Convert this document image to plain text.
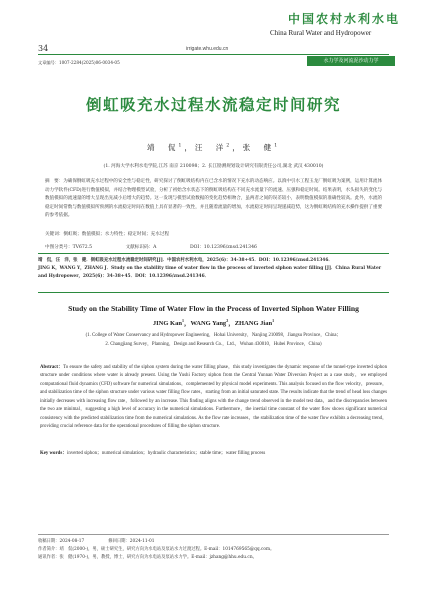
34	irrigate.whu.edu.cn
中国农村水利水电
China Rural Water and Hydropower
文章编号：1007-2284(2025)06-0034-05	水力学及河流泥沙动力学
倒虹吸充水过程水流稳定时间研究
靖　侃$^1$，汪　洋$^2$，张　健$^1$
(1. 河海大学水利水电学院,江苏 南京 210098；2. 长江勘测规划设计研究有限责任公司,湖北 武汉 430010)
摘　要：为确保倒虹吸充水过程中的安全性与稳定性，研究探讨了倒虹吸结构内在已含水的情况下充水的动态响应。以滇中引水工程玉龙厂倒虹吸为案例，运用计算流体动力学软件(CFD)进行数值模拟，并结合物理模型试验，分析了初始含水状态下的倒虹吸结构在不同充水流量下的流速、压强和稳定时间。结果表明，水头损失的变化与数值模拟的流速量的增大呈现出先减小后增大的趋势。这一发现与模型试验数据的变化趋势相吻合，虽两者之间的误差较小，表明数值模拟的准确性较高。此外，水流的稳定时间常数与数值模拟所预测的水流稳定时间在数值上具有显著的一致性，并且随着流量的增加，水流稳定时间呈现递减趋势，这为倒虹吸结构的充水操作提供了重要的参考依据。
关键词：倒虹吸；数值模拟；水力特性；稳定时间；充水过程
中图分类号：TV672.5	文献标识码：A	DOI：10.12396/znsd.241346
靖　侃，汪　洋，张　健．倒虹吸充水过程水流稳定时间研究[J]．中国农村水利水电，2025(6)：34-38+45．DOI：10.12396/znsd.241346．
JING K，WANG Y，ZHANG J．Study on the stability time of water flow in the process of inverted siphon water filling [J]．China Rural Water and Hydropower，2025(6)：34-38+45．DOI：10.12396/znsd.241346．
Study on the Stability Time of Water Flow in the Process of Inverted Siphon Water Filling
JING Kan$^1$，WANG Yang$^2$，ZHANG Jian$^1$
(1. College of Water Conservancy and Hydropower Engineering，Hohai University，Nanjing 210098，Jiangsu Province，China；
2. Changjiang Survey，Planning，Design and Research Co.，Ltd.，Wuhan 430010，Hubei Province，China)
Abstract：To ensure the safety and stability of the siphon system during the water filling phase，this study investigates the dynamic response of the tunnel-type inverted siphon structure under conditions where water is already present. Using the Yushi Factory siphon from the Central Yunnan Water Diversion Project as a case study，we employed computational fluid dynamics (CFD) software for numerical simulations，complemented by physical model experiments. This analysis focused on the flow velocity，pressure，and stabilization time of the siphon structure under various water filling flow rates，starting from an initial saturated state. The results indicate that the trend of head loss changes initially decreases with increasing flow rate，followed by an increase. This finding aligns with the change trend observed in the model test data，and the discrepancies between the two are minimal，suggesting a high level of accuracy in the numerical simulations. Furthermore，the inertial time constant of the water flow shows significant numerical consistency with the predicted stabilization time from the numerical simulations. As the flow rate increases，the stabilization time of the water flow exhibits a decreasing trend，providing crucial reference data for the operational procedures of filling the siphon structure.
Key words：inverted siphon；numerical simulation；hydraulic characteristics；stable time；water filling process
收稿日期：2024-08-17	修回日期：2024-11-01
作者简介：靖　侃(2000-)，男，硕士研究生，研究方向为水电站及泵站水力过渡过程。E-mail：1014769565@qq.com。
通讯作者：张　健(1970-)，男，教授，博士，研究方向为水电站及泵站水力学。E-mail：jzhang@hhu.edu.cn。
